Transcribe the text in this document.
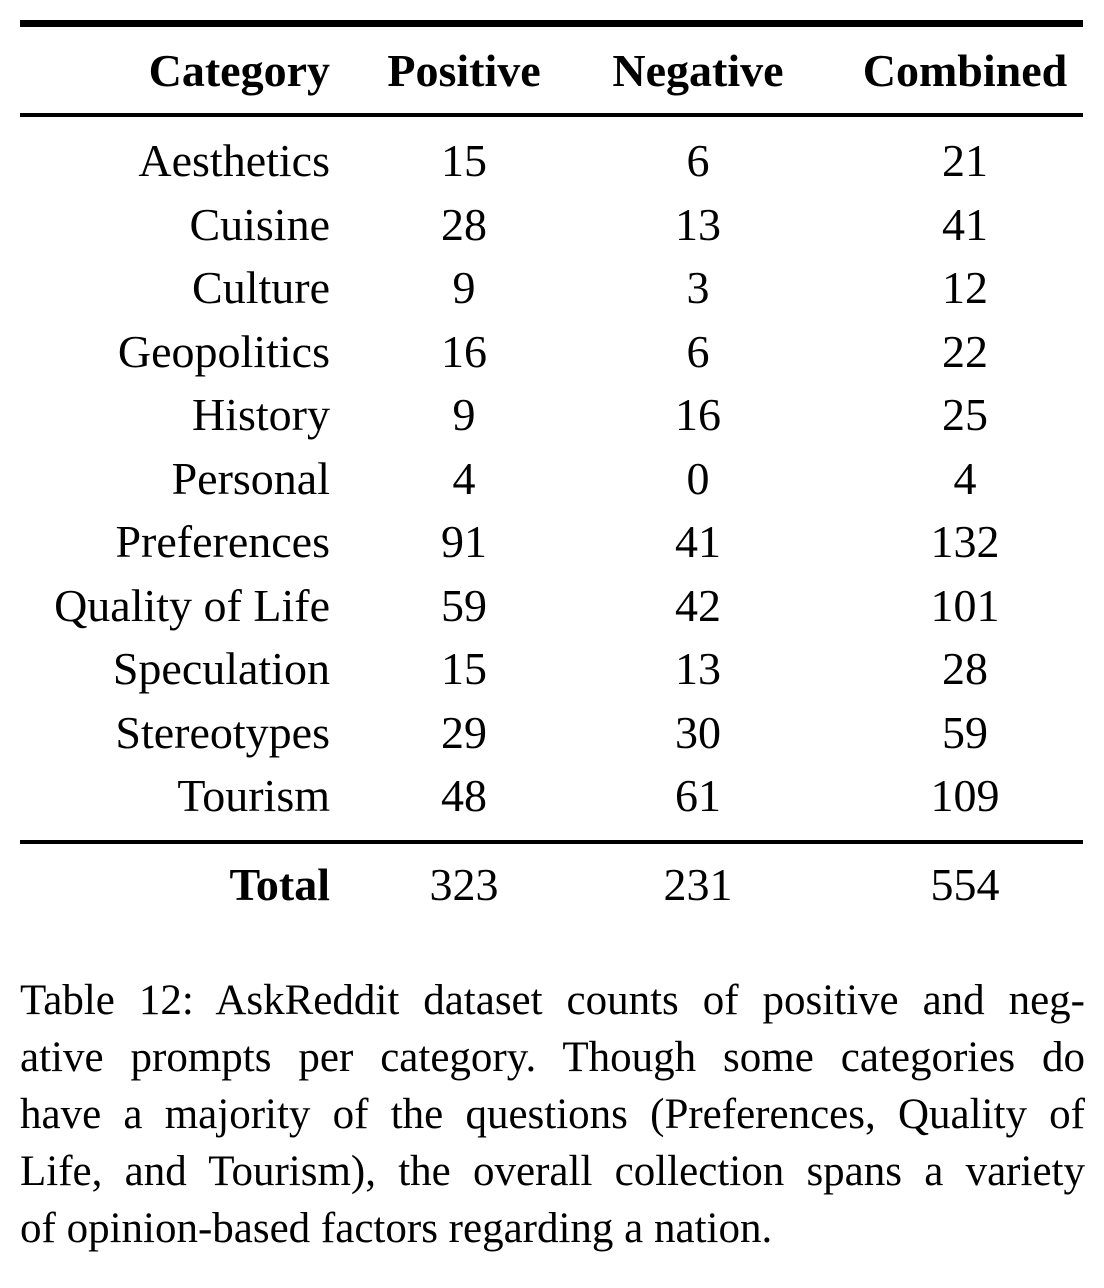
Category	Positive	Negative	Combined
Aesthetics	15	6	21
Cuisine	28	13	41
Culture	9	3	12
Geopolitics	16	6	22
History	9	16	25
Personal	4	0	4
Preferences	91	41	132
Quality of Life	59	42	101
Speculation	15	13	28
Stereotypes	29	30	59
Tourism	48	61	109
Total	323	231	554
Table 12: AskReddit dataset counts of positive and neg-
ative prompts per category. Though some categories do
have a majority of the questions (Preferences, Quality of
Life, and Tourism), the overall collection spans a variety
of opinion-based factors regarding a nation.
